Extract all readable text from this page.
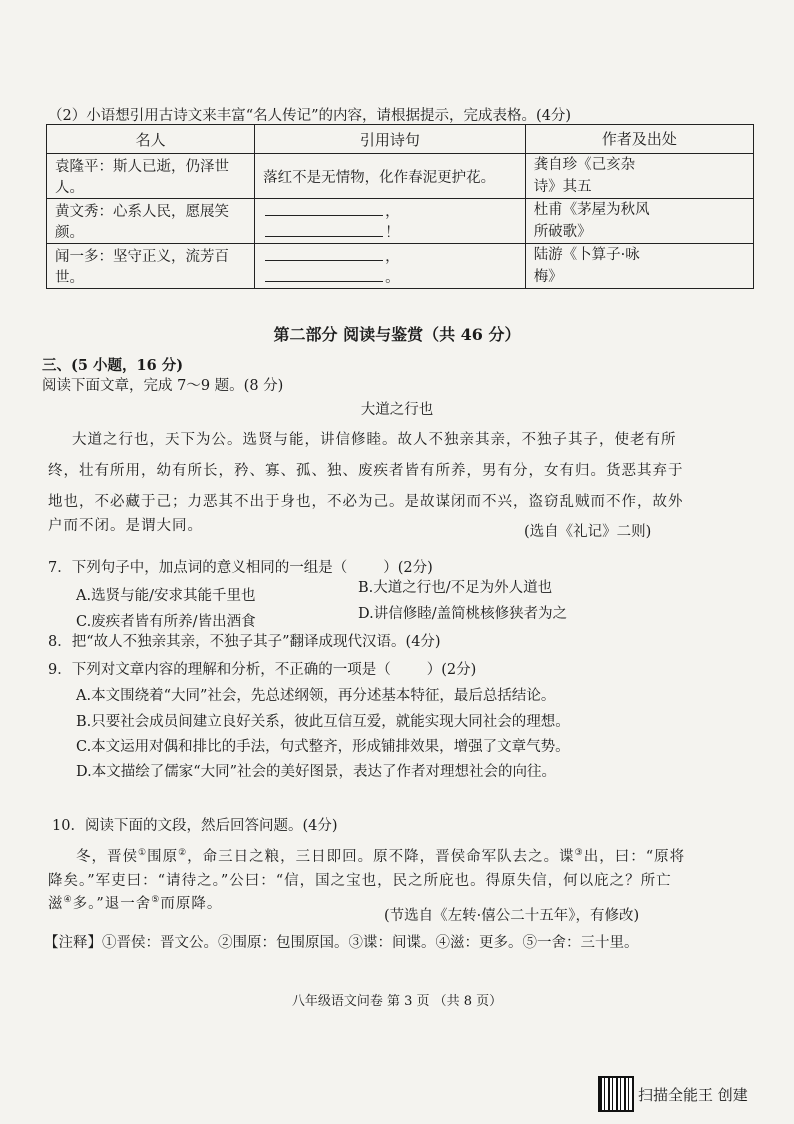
（2）小语想引用古诗文来丰富“名人传记”的内容，请根据提示，完成表格。(4分)
名人	引用诗句	作者及出处
袁隆平：斯人已逝，仍泽世人。	落红不是无情物，化作春泥更护花。	龚自珍《己亥杂
诗》其五

黄文秀：心系人民，愿展笑颜。	，！	杜甫《茅屋为秋风
所破歌》

闻一多：坚守正义，流芳百世。	，。	陆游《卜算子·咏
梅》
第二部分 阅读与鉴赏（共 46 分）
三、(5 小题，16 分)
阅读下面文章，完成 7～9 题。(8 分)
大道之行也
大道之行也，天下为公。选贤与能，讲信修睦。故人不独亲其亲，不独子其子，使老有所
终，壮有所用，幼有所长，矜、寡、孤、独、废疾者皆有所养，男有分，女有归。货恶其弃于
地也，不必藏于己；力恶其不出于身也，不必为己。是故谋闭而不兴，盗窃乱贼而不作，故外
户而不闭。是谓大同。	(选自《礼记》二则)
7．下列句子中，加点词的意义相同的一组是（ ）(2分)
A.选贤与能/安求其能千里也	B.大道之行也/不足为外人道也
C.废疾者皆有所养/皆出酒食	D.讲信修睦/盖简桃核修狭者为之
8．把“故人不独亲其亲，不独子其子”翻译成现代汉语。(4分)
9．下列对文章内容的理解和分析，不正确的一项是（ ）(2分)
A.本文围绕着“大同”社会，先总述纲领，再分述基本特征，最后总括结论。
B.只要社会成员间建立良好关系，彼此互信互爱，就能实现大同社会的理想。
C.本文运用对偶和排比的手法，句式整齐，形成铺排效果，增强了文章气势。
D.本文描绘了儒家“大同”社会的美好图景，表达了作者对理想社会的向往。
10．阅读下面的文段，然后回答问题。(4分)
冬，晋侯①围原②，命三日之粮，三日即回。原不降，晋侯命军队去之。谍③出，曰：“原将
降矣。”军吏曰：“请待之。”公曰：“信，国之宝也，民之所庇也。得原失信，何以庇之？所亡
滋④多。”退一舍⑤而原降。
(节选自《左转·僖公二十五年》，有修改)
【注释】①晋侯：晋文公。②围原：包围原国。③谍：间谍。④滋：更多。⑤一舍：三十里。
八年级语文问卷 第 3 页 （共 8 页）
扫描全能王 创建
